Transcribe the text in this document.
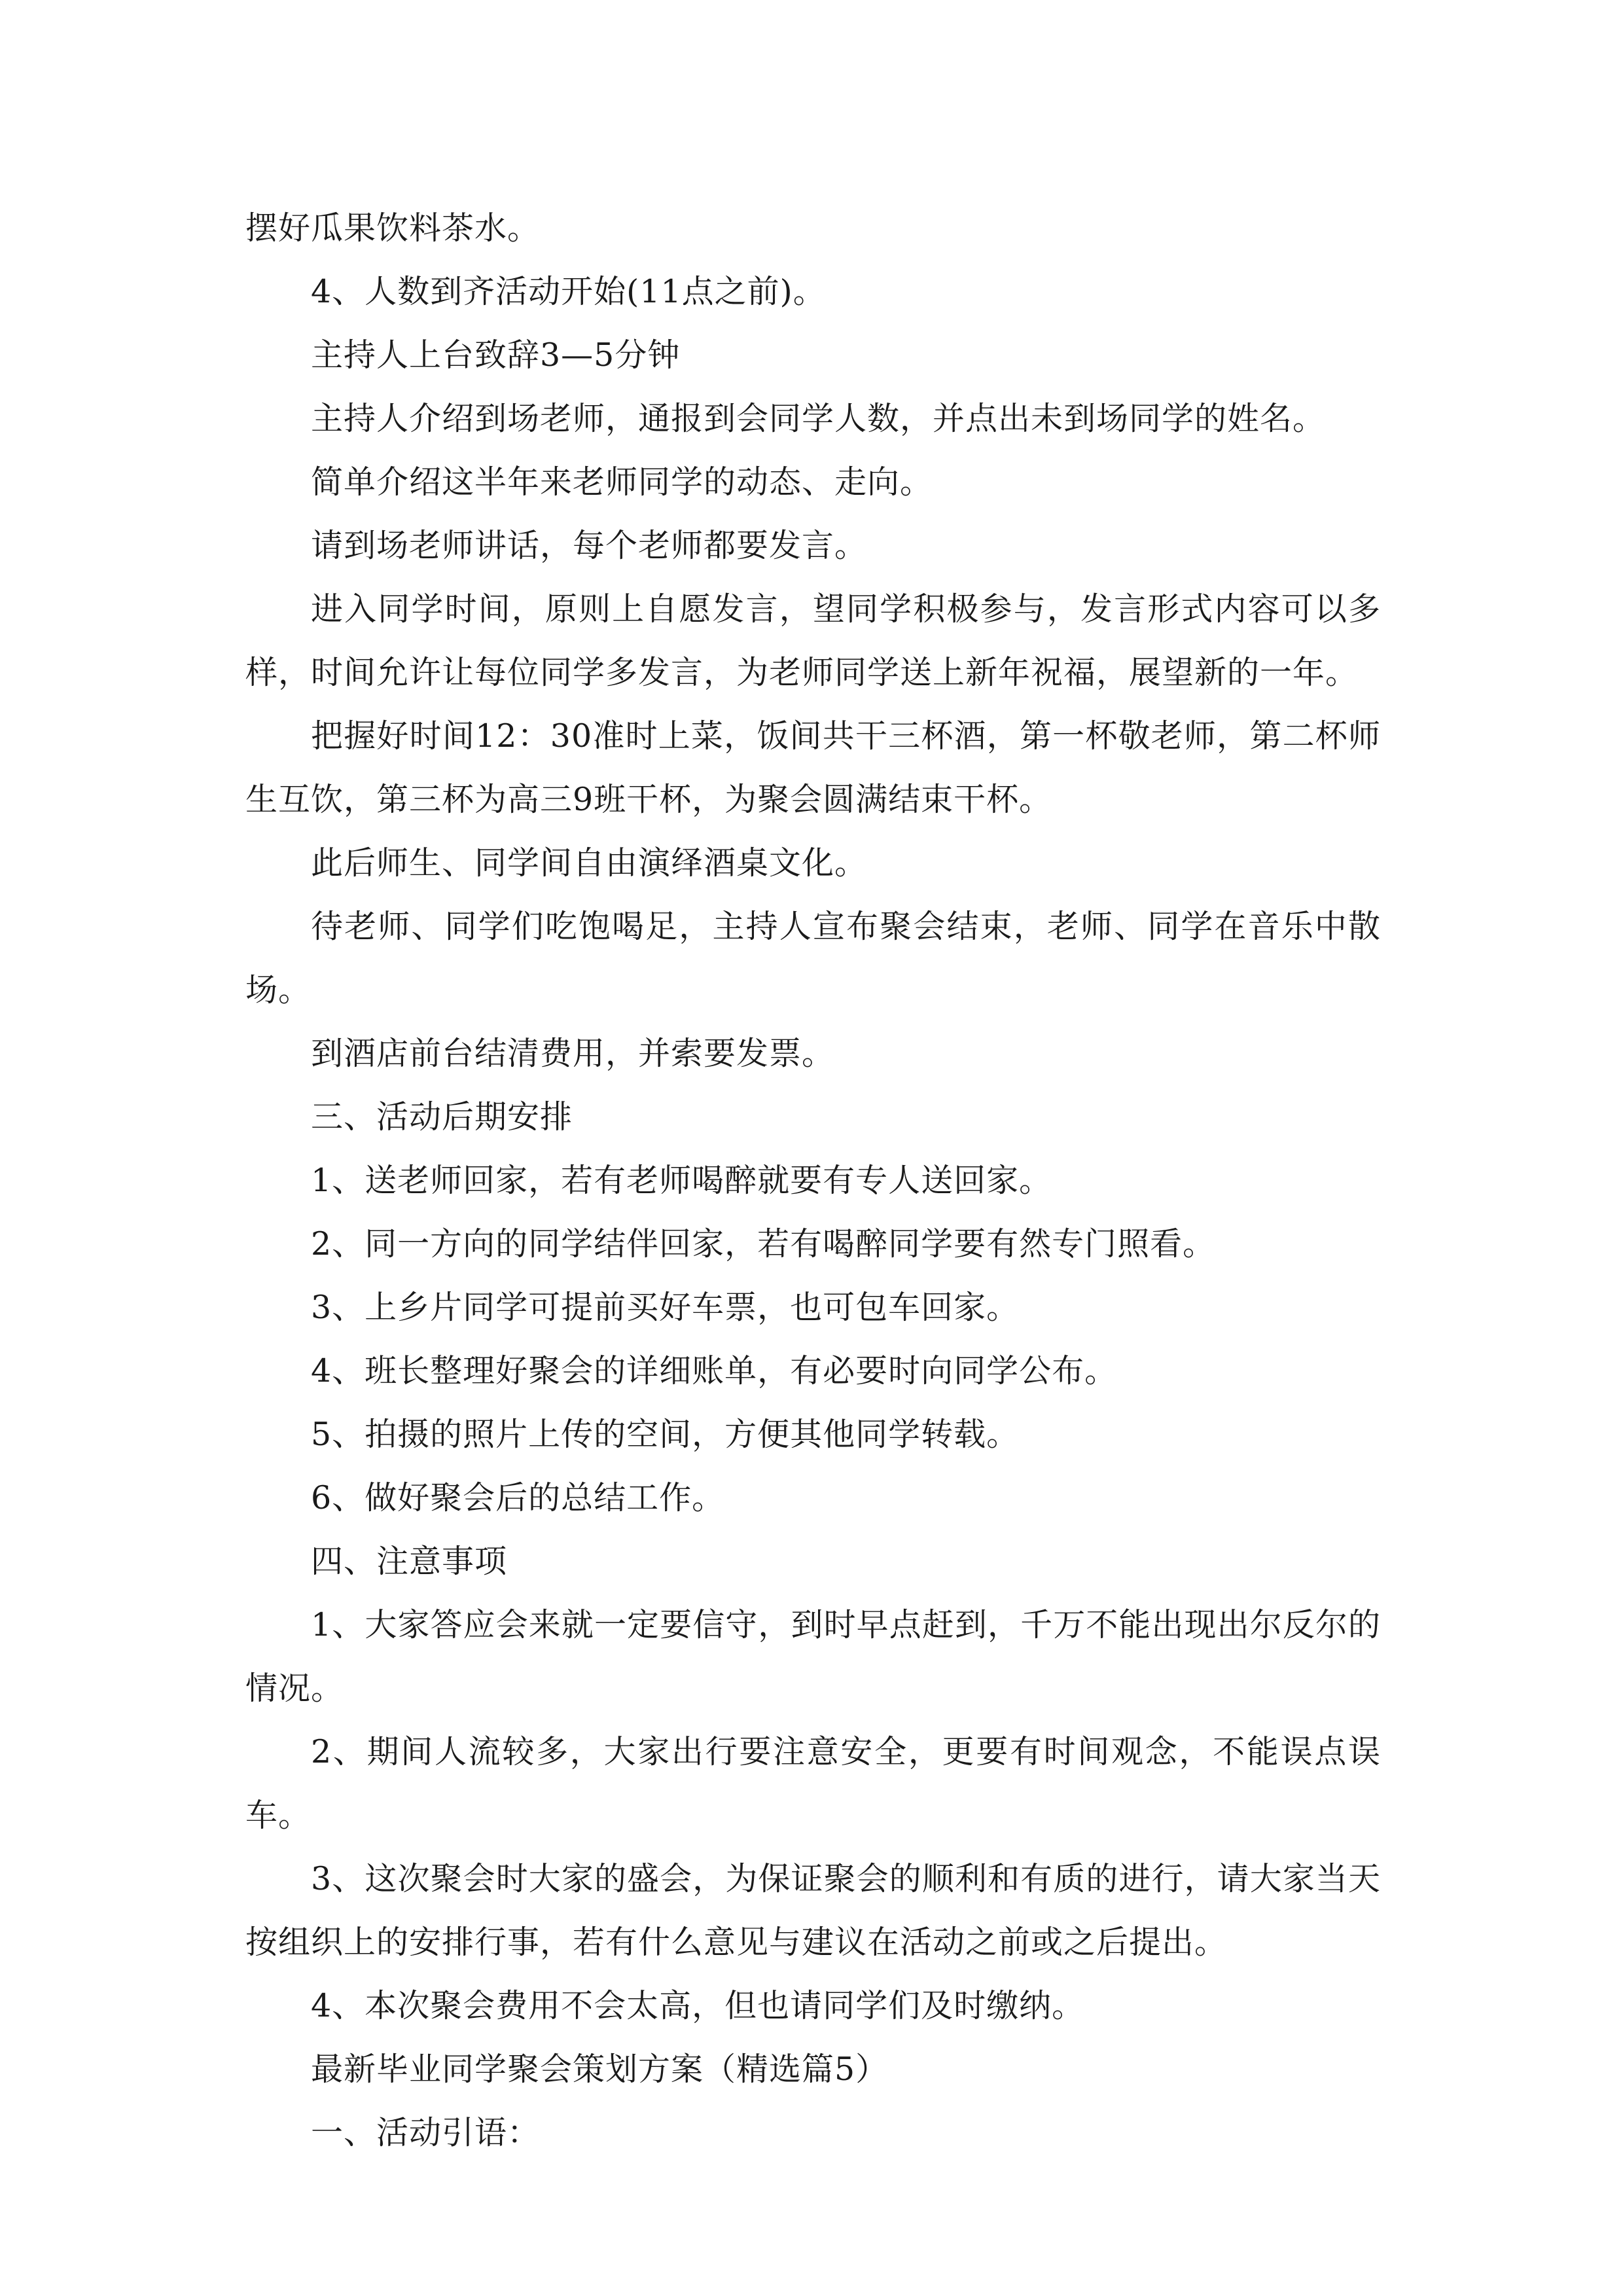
摆好瓜果饮料茶水。

4、人数到齐活动开始(11点之前)。

主持人上台致辞3—5分钟

主持人介绍到场老师，通报到会同学人数，并点出未到场同学的姓名。

简单介绍这半年来老师同学的动态、走向。

请到场老师讲话，每个老师都要发言。

进入同学时间，原则上自愿发言，望同学积极参与，发言形式内容可以多样，时间允许让每位同学多发言，为老师同学送上新年祝福，展望新的一年。

把握好时间12：30准时上菜，饭间共干三杯酒，第一杯敬老师，第二杯师生互饮，第三杯为高三9班干杯，为聚会圆满结束干杯。

此后师生、同学间自由演绎酒桌文化。

待老师、同学们吃饱喝足，主持人宣布聚会结束，老师、同学在音乐中散场。

到酒店前台结清费用，并索要发票。

三、活动后期安排

1、送老师回家，若有老师喝醉就要有专人送回家。

2、同一方向的同学结伴回家，若有喝醉同学要有然专门照看。

3、上乡片同学可提前买好车票，也可包车回家。

4、班长整理好聚会的详细账单，有必要时向同学公布。

5、拍摄的照片上传的空间，方便其他同学转载。

6、做好聚会后的总结工作。

四、注意事项

1、大家答应会来就一定要信守，到时早点赶到，千万不能出现出尔反尔的情况。

2、期间人流较多，大家出行要注意安全，更要有时间观念，不能误点误车。

3、这次聚会时大家的盛会，为保证聚会的顺利和有质的进行，请大家当天按组织上的安排行事，若有什么意见与建议在活动之前或之后提出。

4、本次聚会费用不会太高，但也请同学们及时缴纳。

最新毕业同学聚会策划方案（精选篇5）

一、活动引语：
